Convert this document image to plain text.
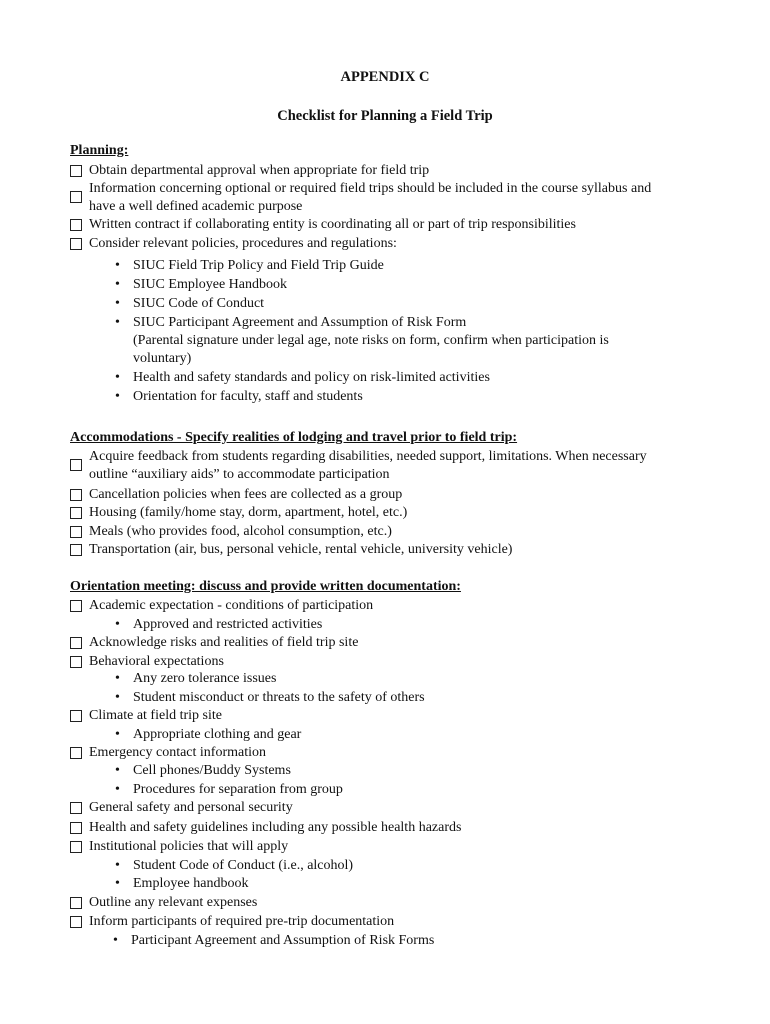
APPENDIX C
Checklist for Planning a Field Trip
Planning:
Obtain departmental approval when appropriate for field trip
Information concerning optional or required field trips should be included in the course syllabus and
have a well defined academic purpose
Written contract if collaborating entity is coordinating all or part of trip responsibilities
Consider relevant policies, procedures and regulations:
• SIUC Field Trip Policy and Field Trip Guide
• SIUC Employee Handbook
• SIUC Code of Conduct
• SIUC Participant Agreement and Assumption of Risk Form
(Parental signature under legal age, note risks on form, confirm when participation is
voluntary)
• Health and safety standards and policy on risk-limited activities
• Orientation for faculty, staff and students
Accommodations - Specify realities of lodging and travel prior to field trip:
Acquire feedback from students regarding disabilities, needed support, limitations. When necessary
outline “auxiliary aids” to accommodate participation
Cancellation policies when fees are collected as a group
Housing (family/home stay, dorm, apartment, hotel, etc.)
Meals (who provides food, alcohol consumption, etc.)
Transportation (air, bus, personal vehicle, rental vehicle, university vehicle)
Orientation meeting: discuss and provide written documentation:
Academic expectation - conditions of participation
• Approved and restricted activities
Acknowledge risks and realities of field trip site
Behavioral expectations
• Any zero tolerance issues
• Student misconduct or threats to the safety of others
Climate at field trip site
• Appropriate clothing and gear
Emergency contact information
• Cell phones/Buddy Systems
• Procedures for separation from group
General safety and personal security
Health and safety guidelines including any possible health hazards
Institutional policies that will apply
• Student Code of Conduct (i.e., alcohol)
• Employee handbook
Outline any relevant expenses
Inform participants of required pre-trip documentation
• Participant Agreement and Assumption of Risk Forms
